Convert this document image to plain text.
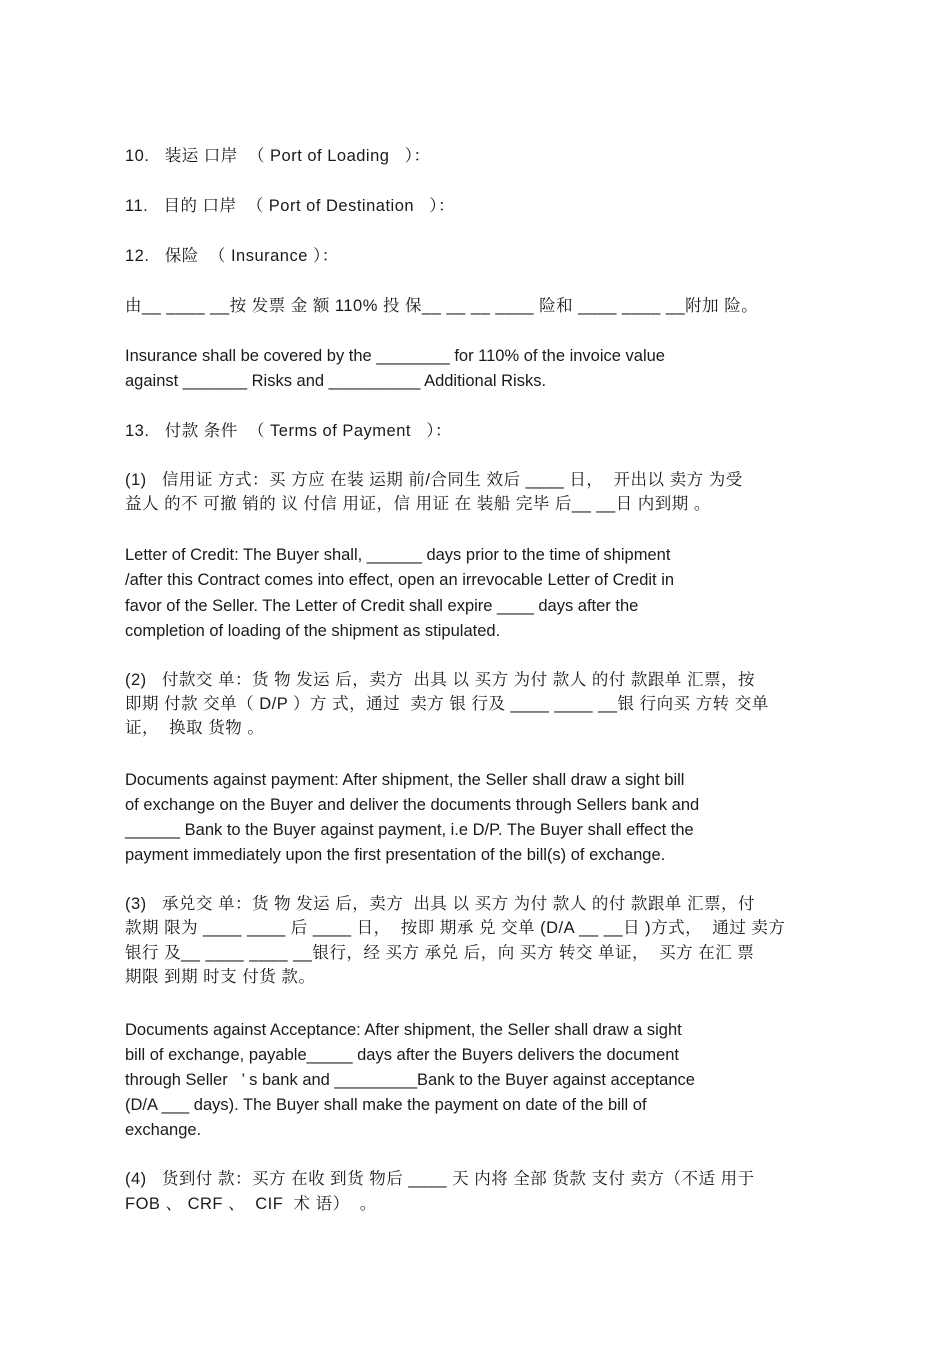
10.   装运 口岸  （ Port of Loading   ）：

11.   目的 口岸  （ Port of Destination   ）：

12.   保险  （ Insurance ）：

由__ ____ __按 发票 金 额 110% 投 保__ __ __ ____ 险和 ____ ____ __附加 险。

Insurance shall be covered by the ________ for 110% of the invoice value

against _______ Risks and __________ Additional Risks.

13.   付款 条件  （ Terms of Payment   ）：

(1)   信用证 方式：买 方应 在装 运期 前/合同生 效后 ____ 日，  开出以 卖方 为受

益人 的不 可撤 销的 议 付信 用证，信 用证 在 装船 完毕 后__ __日 内到期 。

Letter of Credit: The Buyer shall, ______ days prior to the time of shipment

/after this Contract comes into effect, open an irrevocable Letter of Credit in

favor of the Seller. The Letter of Credit shall expire ____ days after the

completion of loading of the shipment as stipulated.

(2)   付款交 单：货 物 发运 后，卖方  出具 以 买方 为付 款人 的付 款跟单 汇票，按

即期 付款 交单（ D/P ）方 式，通过  卖方 银 行及 ____ ____ __银 行向买 方转 交单

证，  换取 货物 。

Documents against payment: After shipment, the Seller shall draw a sight bill

of exchange on the Buyer and deliver the documents through Sellers bank and

______ Bank to the Buyer against payment, i.e D/P. The Buyer shall effect the

payment immediately upon the first presentation of the bill(s) of exchange.

(3)   承兑交 单：货 物 发运 后，卖方  出具 以 买方 为付 款人 的付 款跟单 汇票，付

款期 限为 ____ ____ 后 ____ 日，  按即 期承 兑 交单 (D/A __ __日 )方式，  通过 卖方

银行 及__ ____ ____ __银行，经 买方 承兑 后，向 买方 转交 单证，  买方 在汇 票

期限 到期 时支 付货 款。

Documents against Acceptance: After shipment, the Seller shall draw a sight

bill of exchange, payable_____ days after the Buyers delivers the document

through Seller   ’ s bank and _________Bank to the Buyer against acceptance

(D/A ___ days). The Buyer shall make the payment on date of the bill of

exchange.

(4)   货到付 款：买方 在收 到货 物后 ____ 天 内将 全部 货款 支付 卖方（不适 用于

FOB 、 CRF 、  CIF  术 语）  。
